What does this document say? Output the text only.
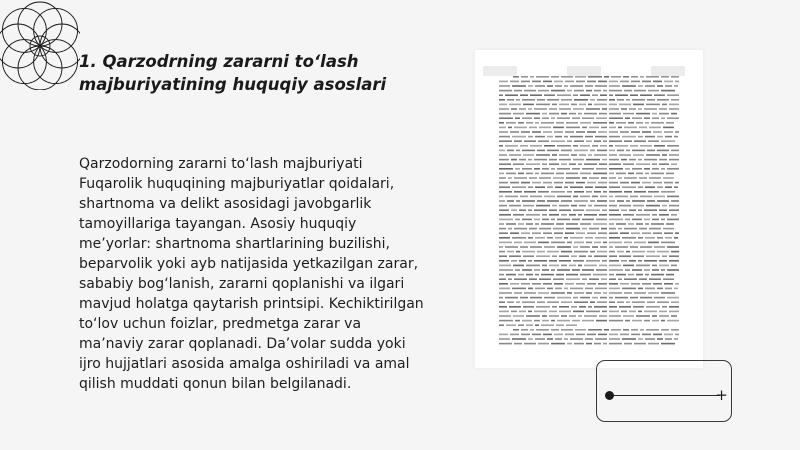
1. Qarzodrning zararni to‘lash majburiyatining huquqiy asoslari

Qarzodorning zararni to‘lash majburiyati Fuqarolik huquqining majburiyatlar qoidalari, shartnoma va delikt asosidagi javobgarlik tamoyillariga tayangan. Asosiy huquqiy me’yorlar: shartnoma shartlarining buzilishi, beparvolik yoki ayb natijasida yetkazilgan zarar, sababiy bog‘lanish, zararni qoplanishi va ilgari mavjud holatga qaytarish printsipi. Kechiktirilgan to‘lov uchun foizlar, predmetga zarar va ma’naviy zarar qoplanadi. Da’volar sudda yoki ijro hujjatlari asosida amalga oshiriladi va amal qilish muddati qonun bilan belgilanadi.

+
